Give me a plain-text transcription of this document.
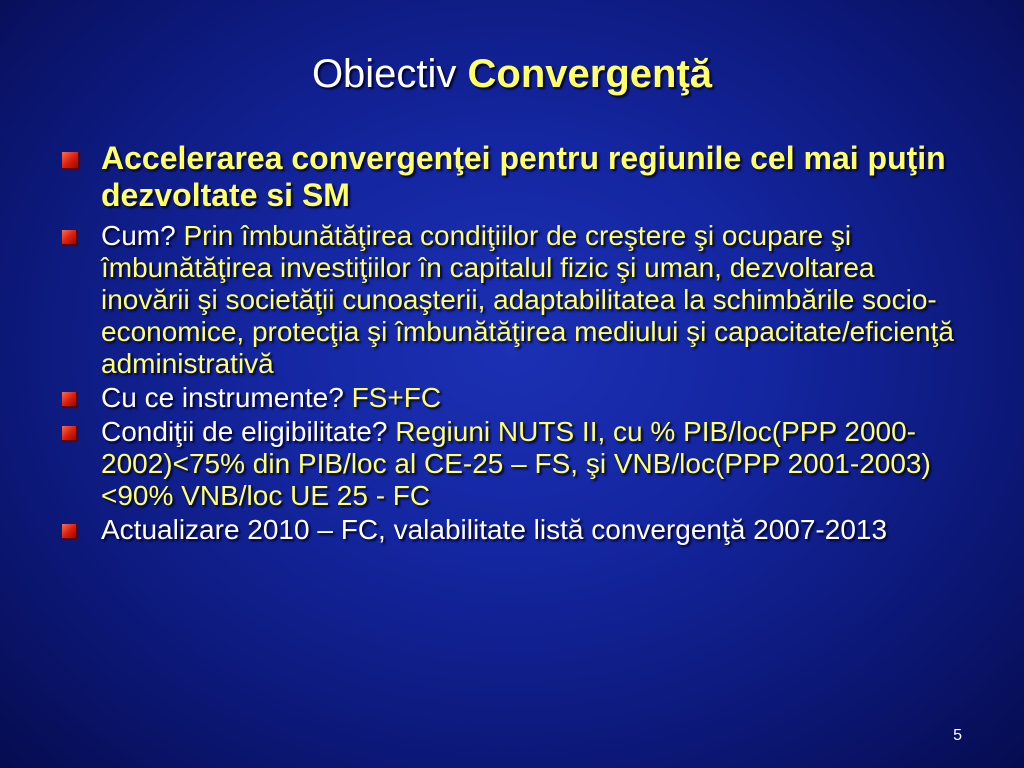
Obiectiv Convergenţă
Accelerarea convergenţei pentru regiunile cel mai puţin dezvoltate si SM
Cum? Prin îmbunătăţirea condiţiilor de creştere şi ocupare şi îmbunătăţirea investiţiilor în capitalul fizic şi uman, dezvoltarea inovării şi societăţii cunoaşterii, adaptabilitatea la schimbările socio-economice, protecţia şi îmbunătăţirea mediului şi capacitate/eficienţă administrativă
Cu ce instrumente? FS+FC
Condiţii de eligibilitate? Regiuni NUTS II, cu % PIB/loc(PPP 2000-2002)<75% din PIB/loc al CE-25 – FS, şi VNB/loc(PPP 2001-2003)<90% VNB/loc UE 25 - FC
Actualizare 2010 – FC, valabilitate listă convergenţă 2007-2013
5
